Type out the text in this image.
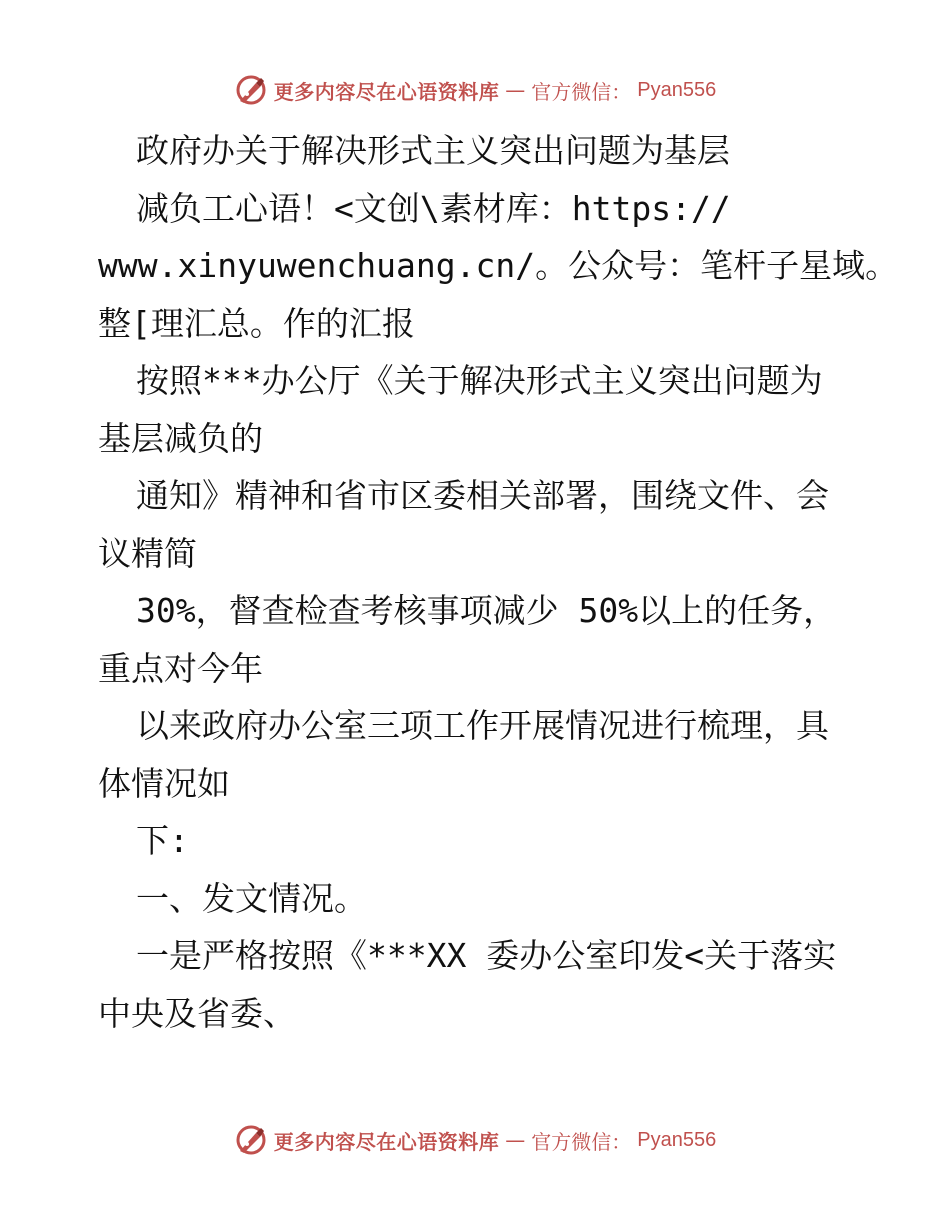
更多内容尽在心语资料库 — 官方微信： Pyan556
政府办关于解决形式主义突出问题为基层
减负工心语！<文创\素材库：https://
www.xinyuwenchuang.cn/。公众号：笔杆子星域。
整[理汇总。作的汇报
按照***办公厅《关于解决形式主义突出问题为
基层减负的
通知》精神和省市区委相关部署，围绕文件、会
议精简
30%，督查检查考核事项减少 50%以上的任务，
重点对今年
以来政府办公室三项工作开展情况进行梳理，具
体情况如
下:
一、发文情况。
一是严格按照《***XX 委办公室印发<关于落实
中央及省委、
更多内容尽在心语资料库 — 官方微信： Pyan556
